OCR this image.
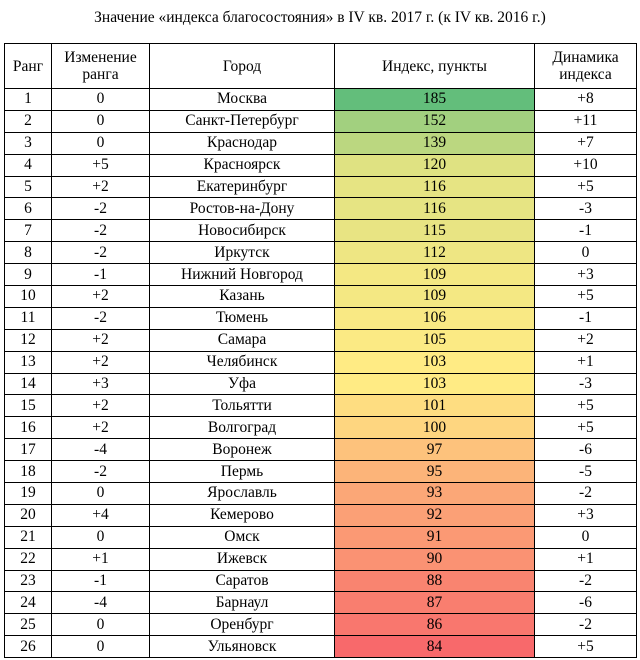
Значение «индекса благосостояния» в IV кв. 2017 г. (к IV кв. 2016 г.)
Ранг	Изменение ранга	Город	Индекс, пункты	Динамика индекса
1	0	Москва	185	+8
2	0	Санкт-Петербург	152	+11
3	0	Краснодар	139	+7
4	+5	Красноярск	120	+10
5	+2	Екатеринбург	116	+5
6	-2	Ростов-на-Дону	116	-3
7	-2	Новосибирск	115	-1
8	-2	Иркутск	112	0
9	-1	Нижний Новгород	109	+3
10	+2	Казань	109	+5
11	-2	Тюмень	106	-1
12	+2	Самара	105	+2
13	+2	Челябинск	103	+1
14	+3	Уфа	103	-3
15	+2	Тольятти	101	+5
16	+2	Волгоград	100	+5
17	-4	Воронеж	97	-6
18	-2	Пермь	95	-5
19	0	Ярославль	93	-2
20	+4	Кемерово	92	+3
21	0	Омск	91	0
22	+1	Ижевск	90	+1
23	-1	Саратов	88	-2
24	-4	Барнаул	87	-6
25	0	Оренбург	86	-2
26	0	Ульяновск	84	+5
